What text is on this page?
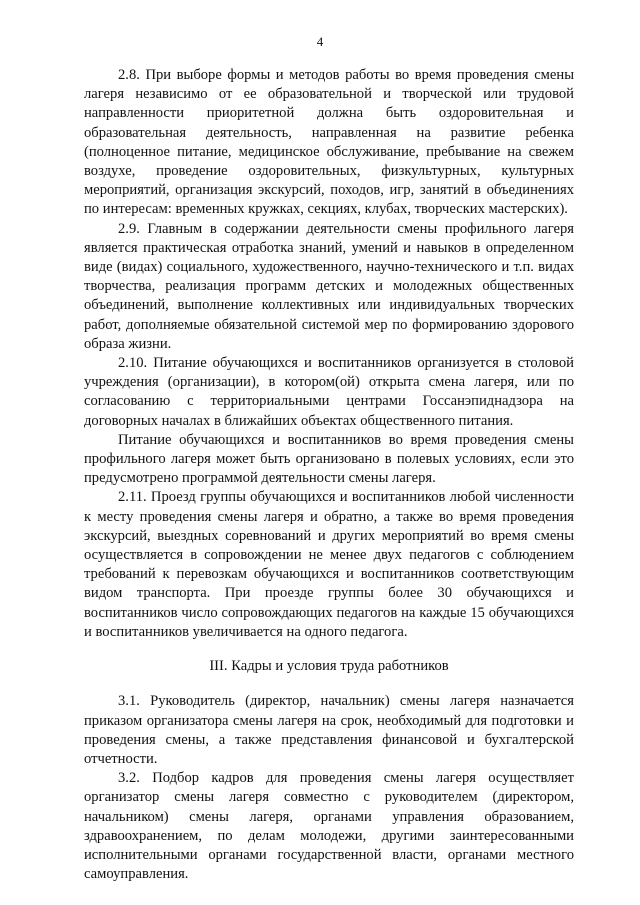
4

2.8. При выборе формы и методов работы во время проведения смены лагеря независимо от ее образовательной и творческой или трудовой направленности приоритетной должна быть оздоровительная и образовательная деятельность, направленная на развитие ребенка (полноценное питание, медицинское обслуживание, пребывание на свежем воздухе, проведение оздоровительных, физкультурных, культурных мероприятий, организация экскурсий, походов, игр, занятий в объединениях по интересам: временных кружках, секциях, клубах, творческих мастерских).

2.9. Главным в содержании деятельности смены профильного лагеря является практическая отработка знаний, умений и навыков в определенном виде (видах) социального, художественного, научно-технического и т.п. видах творчества, реализация программ детских и молодежных общественных объединений, выполнение коллективных или индивидуальных творческих работ, дополняемые обязательной системой мер по формированию здорового образа жизни.

2.10. Питание обучающихся и воспитанников организуется в столовой учреждения (организации), в котором(ой) открыта смена лагеря, или по согласованию с территориальными центрами Госсанэпиднадзора на договорных началах в ближайших объектах общественного питания.

Питание обучающихся и воспитанников во время проведения смены профильного лагеря может быть организовано в полевых условиях, если это предусмотрено программой деятельности смены лагеря.

2.11. Проезд группы обучающихся и воспитанников любой численности к месту проведения смены лагеря и обратно, а также во время проведения экскурсий, выездных соревнований и других мероприятий во время смены осуществляется в сопровождении не менее двух педагогов с соблюдением требований к перевозкам обучающихся и воспитанников соответствующим видом транспорта. При проезде группы более 30 обучающихся и воспитанников число сопровождающих педагогов на каждые 15 обучающихся и воспитанников увеличивается на одного педагога.

III. Кадры и условия труда работников

3.1. Руководитель (директор, начальник) смены лагеря назначается приказом организатора смены лагеря на срок, необходимый для подготовки и проведения смены, а также представления финансовой и бухгалтерской отчетности.

3.2. Подбор кадров для проведения смены лагеря осуществляет организатор смены лагеря совместно с руководителем (директором, начальником) смены лагеря, органами управления образованием, здравоохранением, по делам молодежи, другими заинтересованными исполнительными органами государственной власти, органами местного самоуправления.
